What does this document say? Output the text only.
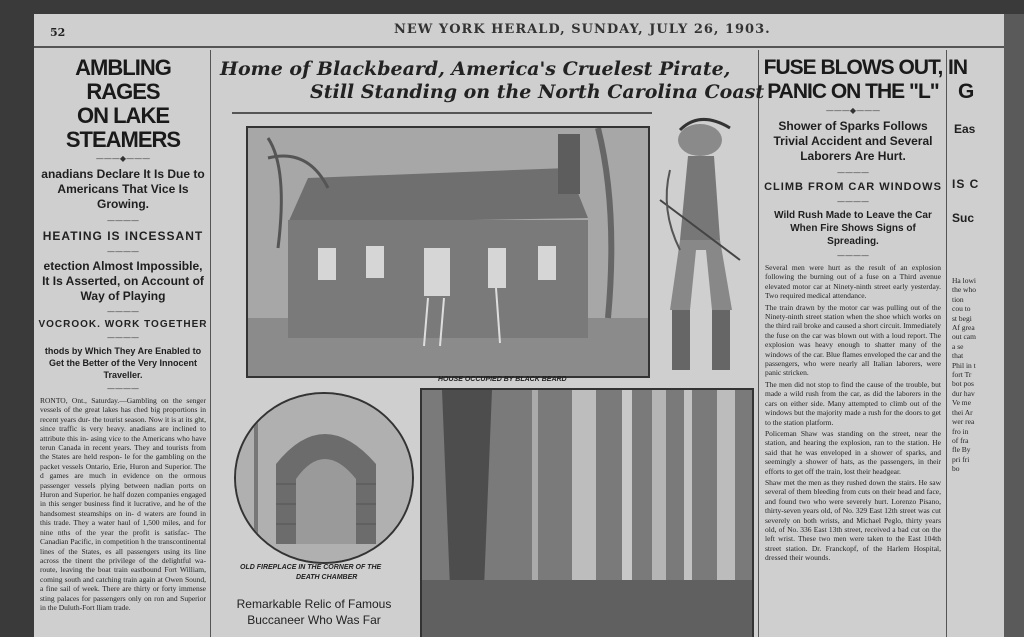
52	NEW YORK HERALD, SUNDAY, JULY 26, 1903.
AMBLING RAGES
ON LAKE STEAMERS
———◆———
anadians Declare It Is Due to Americans That Vice Is Growing.
————
HEATING IS INCESSANT
————
etection Almost Impossible, It Is Asserted, on Account of Way of Playing
————
VOCROOK. WORK TOGETHER
————
thods by Which They Are Enabled to Get the Better of the Very Innocent Traveller.
————
RONTO, Ont., Saturday.—Gambling on the senger vessels of the great lakes has ched big proportions in recent years dur- the tourist season. Now it is at its ght, since traffic is very heavy. anadians are inclined to attribute this in- asing vice to the Americans who have terun Canada in recent years. They and tourists from the States are held respon- le for the gambling on the packet vessels Ontario, Erie, Huron and Superior. The d games are much in evidence on the ormous passenger vessels plying between nadian ports on Huron and Superior. he half dozen companies engaged in this senger business find it lucrative, and he of the handsomest steamships on in- d waters are found in this trade. They a water haul of 1,500 miles, and for nine nths of the year the profit is satisfac- The Canadian Pacific, in competition h the transcontinental lines of the States, es all passengers using its line across the tinent the privilege of the delightful wa- route, leaving the boat train eastbound Fort William, coming south and catching train again at Owen Sound, a fine sail of week. There are thirty or forty immense sting palaces for passengers only on ron and Superior in the Duluth-Fort lliam trade.
Home of Blackbeard, America's Cruelest Pirate,
Still Standing on the North Carolina Coast
HOUSE OCCUPIED BY BLACK BEARD
OLD FIREPLACE IN THE CORNER OF THE
DEATH CHAMBER
Remarkable Relic of Famous
Buccaneer Who Was Far
FUSE BLOWS OUT,
PANIC ON THE "L"
———◆———
Shower of Sparks Follows Trivial Accident and Several Laborers Are Hurt.
————
CLIMB FROM CAR WINDOWS
————
Wild Rush Made to Leave the Car When Fire Shows Signs of Spreading.
————

Several men were hurt as the result of an explosion following the burning out of a fuse on a Third avenue elevated motor car at Ninety-ninth street early yesterday. Two required medical attendance.

The train drawn by the motor car was pulling out of the Ninety-ninth street station when the shoe which works on the third rail broke and caused a short circuit. Immediately the fuse on the car was blown out with a loud report. The explosion was heavy enough to shatter many of the windows of the car. Blue flames enveloped the car and the passengers, who were nearly all Italian laborers, were panic stricken.

The men did not stop to find the cause of the trouble, but made a wild rush from the car, as did the laborers in the cars on either side. Many attempted to climb out of the windows but the majority made a rush for the doors to get to the station platform.

Policeman Shaw was standing on the street, near the station, and hearing the explosion, ran to the station. He said that he was enveloped in a shower of sparks, and seemingly a shower of hats, as the passengers, in their efforts to get off the train, lost their headgear.

Shaw met the men as they rushed down the stairs. He saw several of them bleeding from cuts on their head and face, and found two who were severely hurt. Lorenzo Pisano, thirty-seven years old, of No. 329 East 12th street was cut severely on both wrists, and Michael Peglo, thirty years old, of No. 336 East 13th street, received a bad cut on the left wrist. These two men were taken to the East 104th street station. Dr. Franckopf, of the Harlem Hospital, dressed their wounds.

IN
G
Eas
IS C
Suc
Ha lowi the who tion cou to st begi Af grea out cam a se that Phil in t fort Tr bot pos dur hav Ve me thei Ar wer rea fro in of fra fle By pri fri bo
